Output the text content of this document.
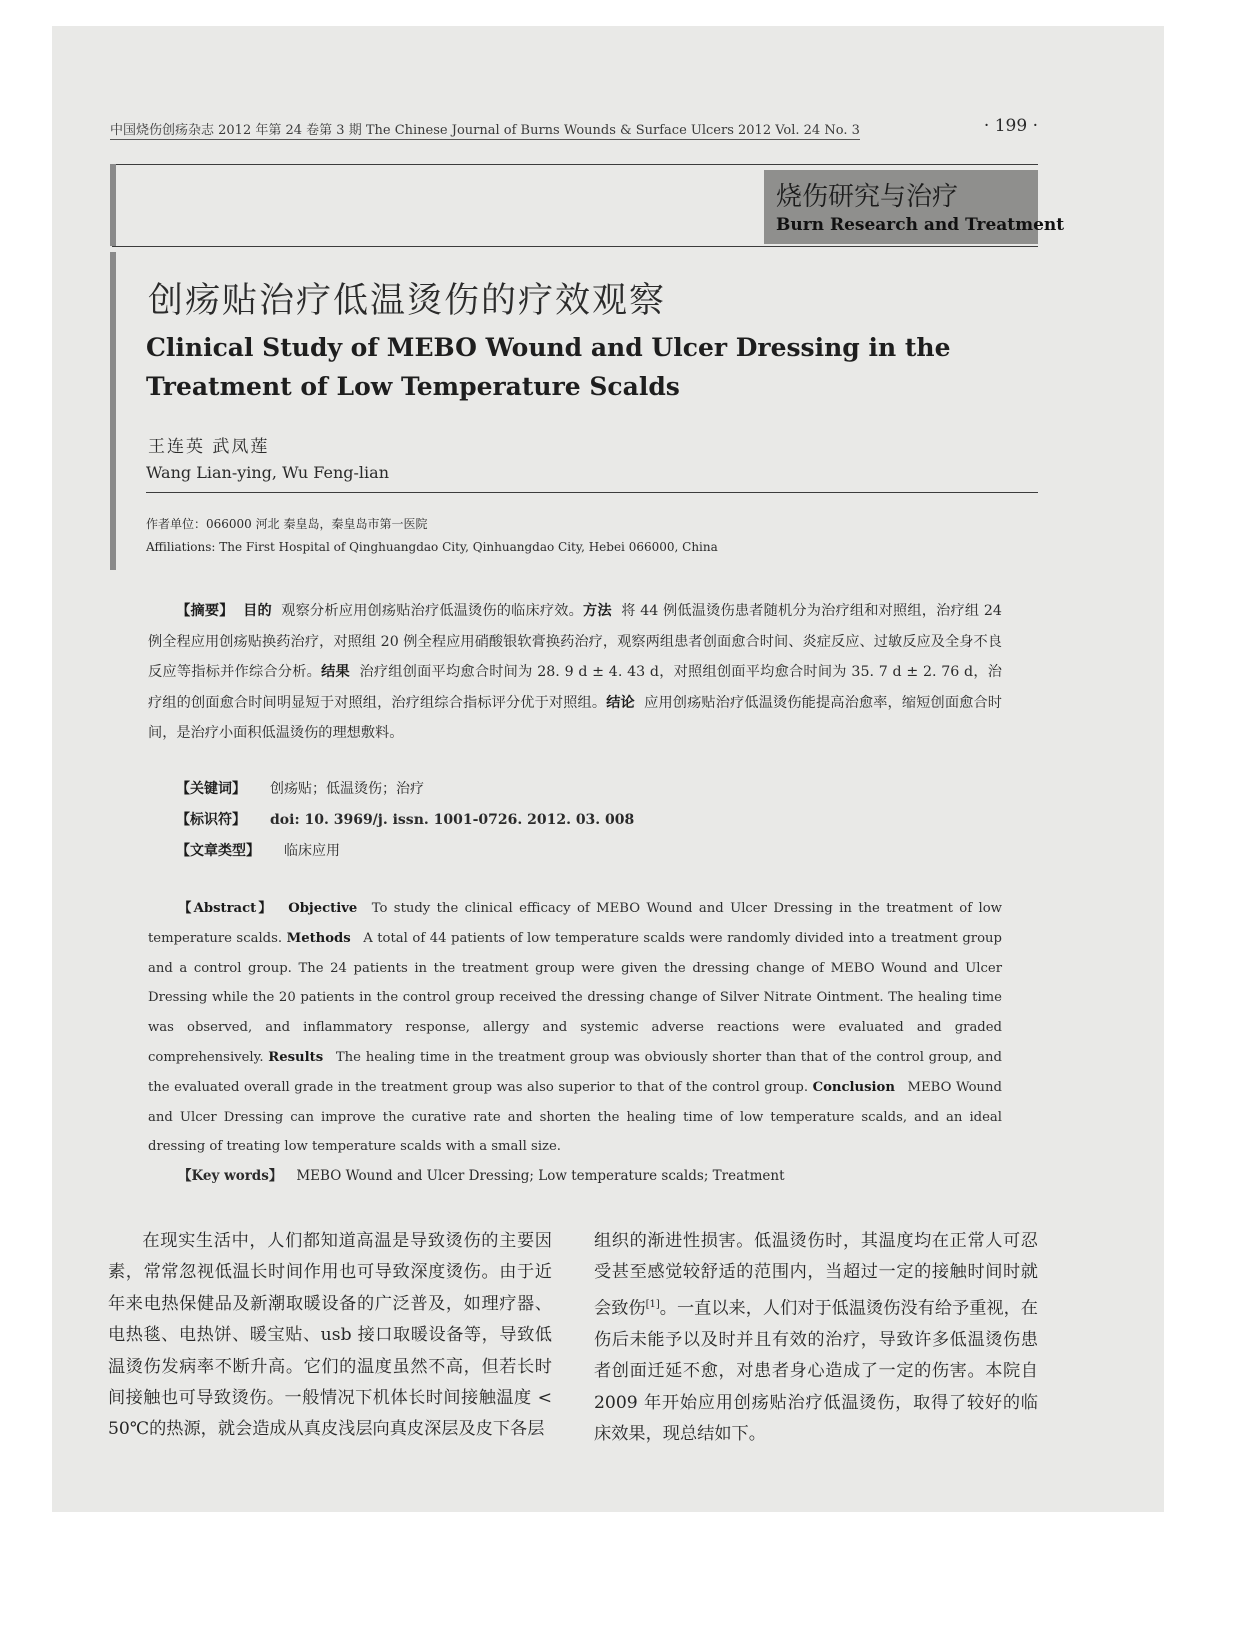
中国烧伤创疡杂志 2012 年第 24 卷第 3 期 The Chinese Journal of Burns Wounds & Surface Ulcers 2012 Vol. 24 No. 3	· 199 ·
烧伤研究与治疗
Burn Research and Treatment
创疡贴治疗低温烫伤的疗效观察
Clinical Study of MEBO Wound and Ulcer Dressing in the Treatment of Low Temperature Scalds
王连英 武凤莲
Wang Lian-ying, Wu Feng-lian
作者单位：066000 河北 秦皇岛，秦皇岛市第一医院
Affiliations: The First Hospital of Qinghuangdao City, Qinhuangdao City, Hebei 066000, China
【摘要】 目的 观察分析应用创疡贴治疗低温烫伤的临床疗效。方法 将 44 例低温烫伤患者随机分为治疗组和对照组，治疗组 24 例全程应用创疡贴换药治疗，对照组 20 例全程应用硝酸银软膏换药治疗，观察两组患者创面愈合时间、炎症反应、过敏反应及全身不良反应等指标并作综合分析。结果 治疗组创面平均愈合时间为 28. 9 d ± 4. 43 d，对照组创面平均愈合时间为 35. 7 d ± 2. 76 d，治疗组的创面愈合时间明显短于对照组，治疗组综合指标评分优于对照组。结论 应用创疡贴治疗低温烫伤能提高治愈率，缩短创面愈合时间，是治疗小面积低温烫伤的理想敷料。
【关键词】 创疡贴；低温烫伤；治疗
【标识符】 doi: 10. 3969/j. issn. 1001-0726. 2012. 03. 008
【文章类型】 临床应用
【Abstract】 Objective To study the clinical efficacy of MEBO Wound and Ulcer Dressing in the treatment of low temperature scalds. Methods A total of 44 patients of low temperature scalds were randomly divided into a treatment group and a control group. The 24 patients in the treatment group were given the dressing change of MEBO Wound and Ulcer Dressing while the 20 patients in the control group received the dressing change of Silver Nitrate Ointment. The healing time was observed, and inflammatory response, allergy and systemic adverse reactions were evaluated and graded comprehensively. Results The healing time in the treatment group was obviously shorter than that of the control group, and the evaluated overall grade in the treatment group was also superior to that of the control group. Conclusion MEBO Wound and Ulcer Dressing can improve the curative rate and shorten the healing time of low temperature scalds, and an ideal dressing of treating low temperature scalds with a small size.
【Key words】 MEBO Wound and Ulcer Dressing; Low temperature scalds; Treatment
在现实生活中，人们都知道高温是导致烫伤的主要因素，常常忽视低温长时间作用也可导致深度烫伤。由于近年来电热保健品及新潮取暖设备的广泛普及，如理疗器、电热毯、电热饼、暖宝贴、usb 接口取暖设备等，导致低温烫伤发病率不断升高。它们的温度虽然不高，但若长时间接触也可导致烫伤。一般情况下机体长时间接触温度 < 50℃的热源，就会造成从真皮浅层向真皮深层及皮下各层
组织的渐进性损害。低温烫伤时，其温度均在正常人可忍受甚至感觉较舒适的范围内，当超过一定的接触时间时就会致伤[1]。一直以来，人们对于低温烫伤没有给予重视，在伤后未能予以及时并且有效的治疗，导致许多低温烫伤患者创面迁延不愈，对患者身心造成了一定的伤害。本院自 2009 年开始应用创疡贴治疗低温烫伤，取得了较好的临床效果，现总结如下。
